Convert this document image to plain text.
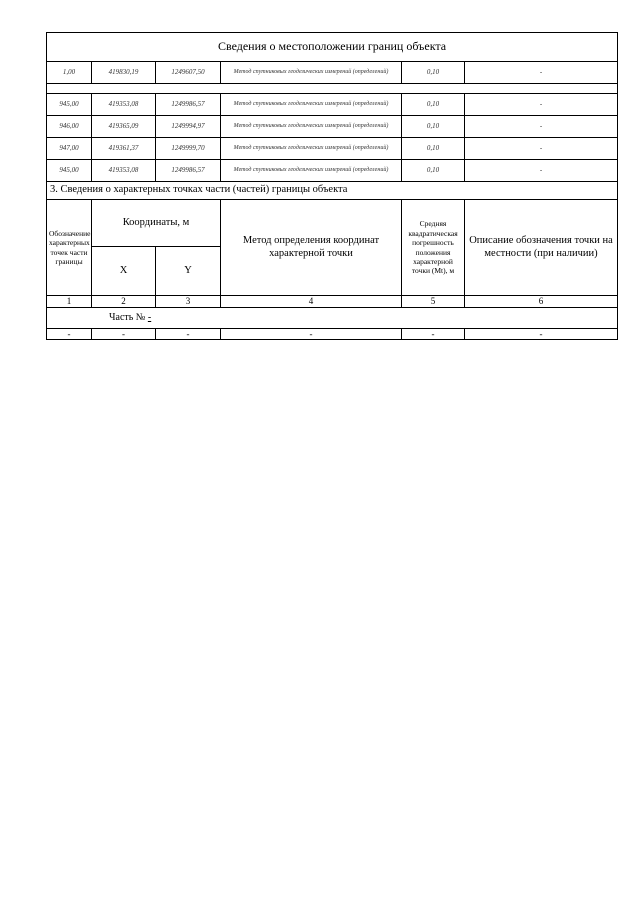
Сведения о местоположении границ объекта					
1,00	419830,19	1249607,50	Метод спутниковых геодезических измерений (определений)	0,10	-

945,00	419353,08	1249986,57	Метод спутниковых геодезических измерений (определений)	0,10	-
946,00	419365,09	1249994,97	Метод спутниковых геодезических измерений (определений)	0,10	-
947,00	419361,37	1249999,70	Метод спутниковых геодезических измерений (определений)	0,10	-
945,00	419353,08	1249986,57	Метод спутниковых геодезических измерений (определений)	0,10	-
3. Сведения о характерных точках части (частей) границы объекта					
Обозначение характерных точек части границы	Координаты, м		Метод определения координат характерной точки	Средняя квадратическая погрешность положения характерной точки (Мt), м	Описание обозначения точки на местности (при наличии)
	X	Y			
1	2	3	4	5	6
Часть № -					
-	-	-	-	-	-
